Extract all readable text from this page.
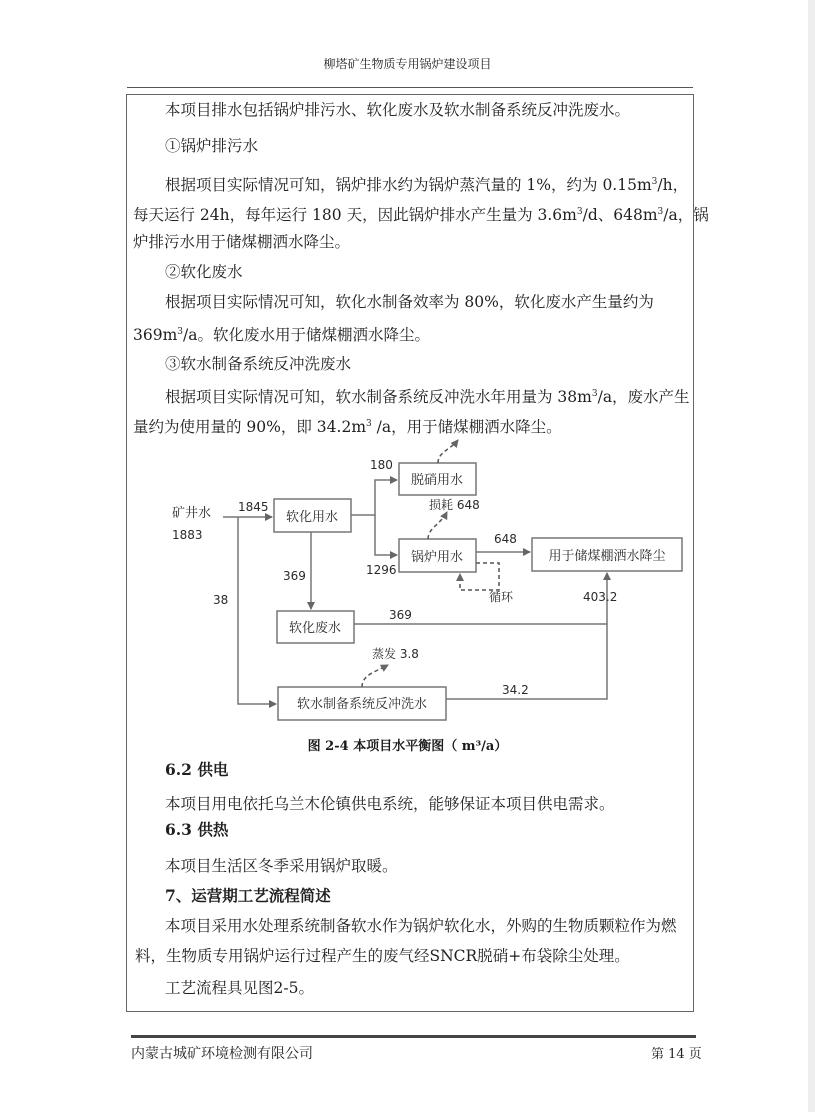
柳塔矿生物质专用锅炉建设项目
本项目排水包括锅炉排污水、软化废水及软水制备系统反冲洗废水。
①锅炉排污水
根据项目实际情况可知，锅炉排水约为锅炉蒸汽量的 1%，约为 $0.15m^3/h$，
每天运行 24h，每年运行 180 天，因此锅炉排水产生量为 $3.6m^3/d$、$648m^3/a$，锅
炉排污水用于储煤棚洒水降尘。
②软化废水
根据项目实际情况可知，软化水制备效率为 80%，软化废水产生量约为
$369m^3/a$。软化废水用于储煤棚洒水降尘。
③软水制备系统反冲洗废水
根据项目实际情况可知，软水制备系统反冲洗水年用量为 $38m^3/a$，废水产生
量约为使用量的 90%，即 $34.2m^3$ /a，用于储煤棚洒水降尘。
软化用水
脱硝用水
锅炉用水	用于储煤棚洒水降尘
软化废水
软水制备系统反冲洗水
矿井水
1883
1845
180
1296
损耗 648
648
循环
369
369
38
蒸发 3.8
34.2
403.2
图 2-4 本项目水平衡图（ m³/a）
6.2 供电
本项目用电依托乌兰木伦镇供电系统，能够保证本项目供电需求。
6.3 供热
本项目生活区冬季采用锅炉取暖。
7、运营期工艺流程简述
本项目采用水处理系统制备软水作为锅炉软化水，外购的生物质颗粒作为燃
料，生物质专用锅炉运行过程产生的废气经SNCR脱硝+布袋除尘处理。
工艺流程具见图2-5。
内蒙古城矿环境检测有限公司	第 14 页
